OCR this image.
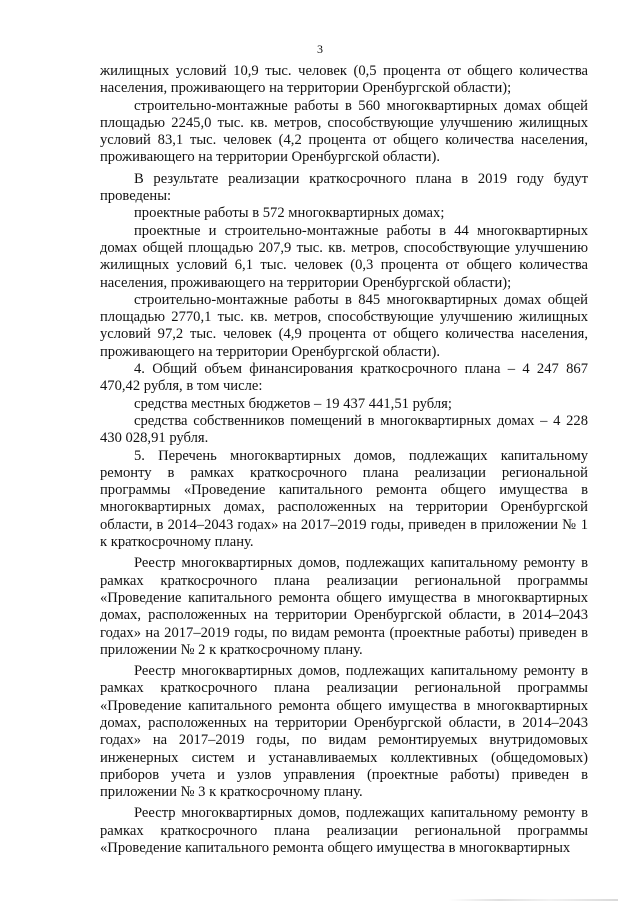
3

жилищных условий 10,9 тыс. человек (0,5 процента от общего количества населения, проживающего на территории Оренбургской области);

строительно-монтажные работы в 560 многоквартирных домах общей площадью 2245,0 тыс. кв. метров, способствующие улучшению жилищных условий 83,1 тыс. человек (4,2 процента от общего количества населения, проживающего на территории Оренбургской области).

В результате реализации краткосрочного плана в 2019 году будут проведены:

проектные работы в 572 многоквартирных домах;

проектные и строительно-монтажные работы в 44 многоквартирных домах общей площадью 207,9 тыс. кв. метров, способствующие улучшению жилищных условий 6,1 тыс. человек (0,3 процента от общего количества населения, проживающего на территории Оренбургской области);

строительно-монтажные работы в 845 многоквартирных домах общей площадью 2770,1 тыс. кв. метров, способствующие улучшению жилищных условий 97,2 тыс. человек (4,9 процента от общего количества населения, проживающего на территории Оренбургской области).

4. Общий объем финансирования краткосрочного плана – 4 247 867 470,42 рубля, в том числе:

средства местных бюджетов – 19 437 441,51 рубля;

средства собственников помещений в многоквартирных домах – 4 228 430 028,91 рубля.

5. Перечень многоквартирных домов, подлежащих капитальному ремонту в рамках краткосрочного плана реализации региональной программы «Проведение капитального ремонта общего имущества в многоквартирных домах, расположенных на территории Оренбургской области, в 2014–2043 годах» на 2017–2019 годы, приведен в приложении № 1 к краткосрочному плану.

Реестр многоквартирных домов, подлежащих капитальному ремонту в рамках краткосрочного плана реализации региональной программы «Проведение капитального ремонта общего имущества в многоквартирных домах, расположенных на территории Оренбургской области, в 2014–2043 годах» на 2017–2019 годы, по видам ремонта (проектные работы) приведен в приложении № 2 к краткосрочному плану.

Реестр многоквартирных домов, подлежащих капитальному ремонту в рамках краткосрочного плана реализации региональной программы «Проведение капитального ремонта общего имущества в многоквартирных домах, расположенных на территории Оренбургской области, в 2014–2043 годах» на 2017–2019 годы, по видам ремонтируемых внутридомовых инженерных систем и устанавливаемых коллективных (общедомовых) приборов учета и узлов управления (проектные работы) приведен в приложении № 3 к краткосрочному плану.

Реестр многоквартирных домов, подлежащих капитальному ремонту в рамках краткосрочного плана реализации региональной программы «Проведение капитального ремонта общего имущества в многоквартирных
